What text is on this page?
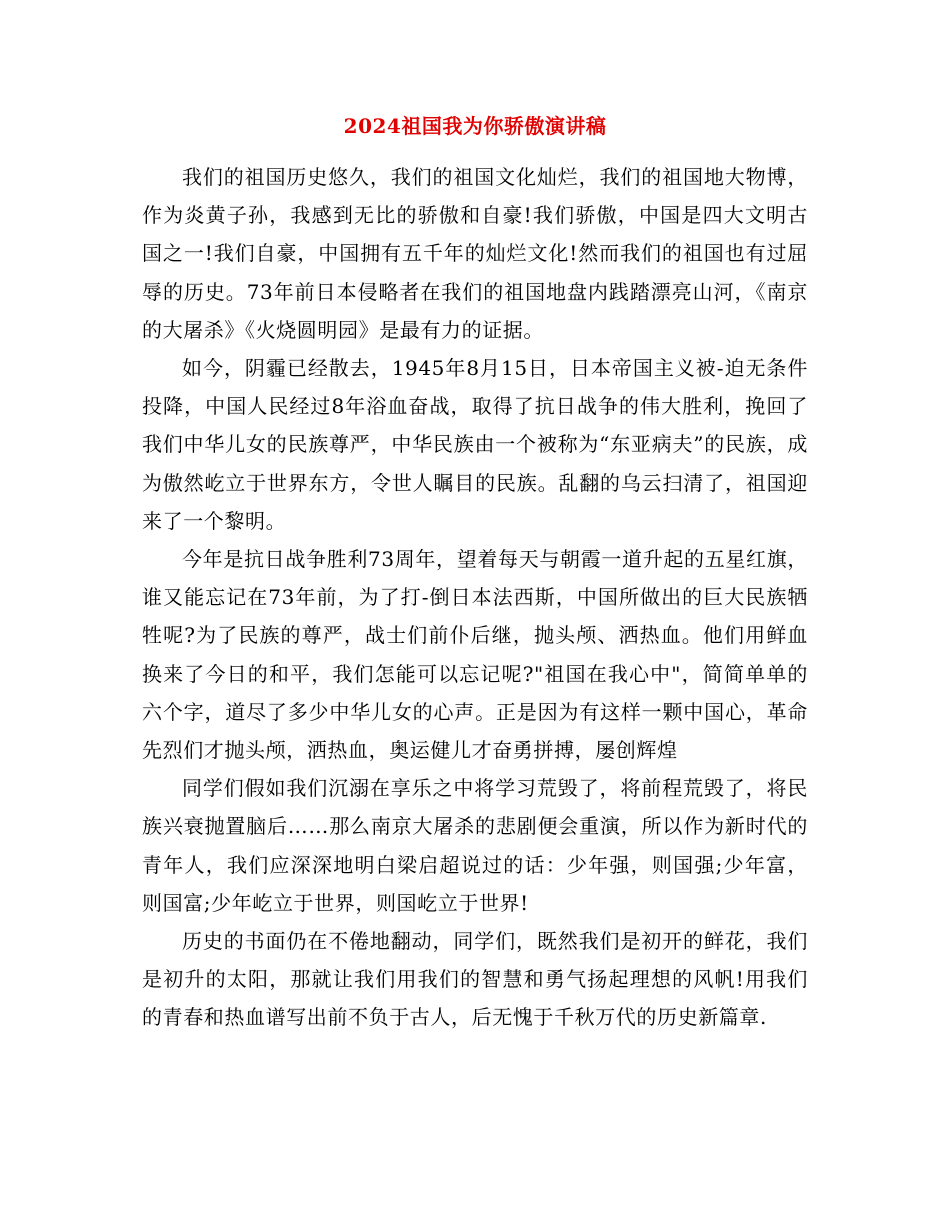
2024祖国我为你骄傲演讲稿

我们的祖国历史悠久，我们的祖国文化灿烂，我们的祖国地大物博，作为炎黄子孙，我感到无比的骄傲和自豪!我们骄傲，中国是四大文明古国之一!我们自豪，中国拥有五千年的灿烂文化!然而我们的祖国也有过屈辱的历史。73年前日本侵略者在我们的祖国地盘内践踏漂亮山河，《南京的大屠杀》《火烧圆明园》是最有力的证据。

如今，阴霾已经散去，1945年8月15日，日本帝国主义被-迫无条件投降，中国人民经过8年浴血奋战，取得了抗日战争的伟大胜利，挽回了我们中华儿女的民族尊严，中华民族由一个被称为“东亚病夫”的民族，成为傲然屹立于世界东方，令世人瞩目的民族。乱翻的乌云扫清了，祖国迎来了一个黎明。

今年是抗日战争胜利73周年，望着每天与朝霞一道升起的五星红旗，谁又能忘记在73年前，为了打-倒日本法西斯，中国所做出的巨大民族牺牲呢?为了民族的尊严，战士们前仆后继，抛头颅、洒热血。他们用鲜血换来了今日的和平，我们怎能可以忘记呢?"祖国在我心中"，简简单单的六个字，道尽了多少中华儿女的心声。正是因为有这样一颗中国心，革命先烈们才抛头颅，洒热血，奥运健儿才奋勇拼搏，屡创辉煌

同学们假如我们沉溺在享乐之中将学习荒毁了，将前程荒毁了，将民族兴衰抛置脑后……那么南京大屠杀的悲剧便会重演，所以作为新时代的青年人，我们应深深地明白梁启超说过的话：少年强，则国强;少年富，则国富;少年屹立于世界，则国屹立于世界!

历史的书面仍在不倦地翻动，同学们，既然我们是初开的鲜花，我们是初升的太阳，那就让我们用我们的智慧和勇气扬起理想的风帆!用我们的青春和热血谱写出前不负于古人，后无愧于千秋万代的历史新篇章.
